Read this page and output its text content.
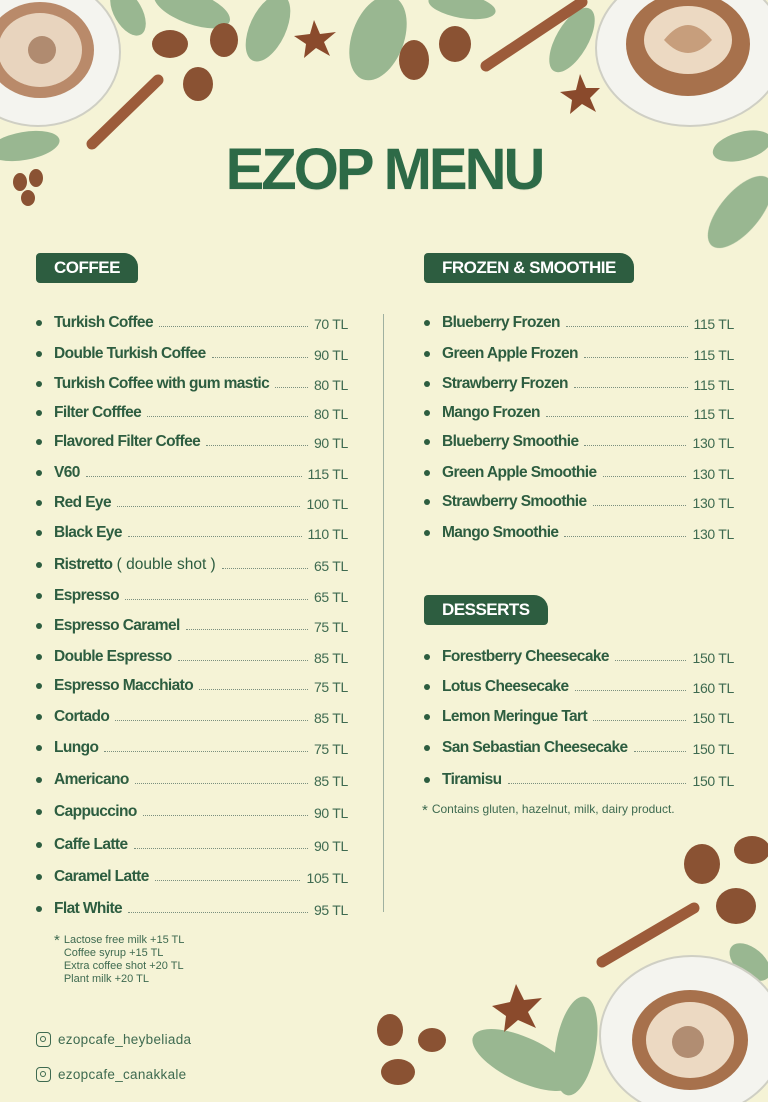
EZOP MENU
COFFEE	FROZEN & SMOOTHIE
DESSERTS
Turkish Coffee	70 TL
Double Turkish Coffee	90 TL
Turkish Coffee with gum mastic	80 TL
Filter Cofffee	80 TL
Flavored Filter Coffee	90 TL
V60	115 TL
Red Eye	100 TL
Black Eye	110 TL
Ristretto ( double shot )	65 TL
Espresso	65 TL
Espresso Caramel	75 TL
Double Espresso	85 TL
Espresso Macchiato	75 TL
Cortado	85 TL
Lungo	75 TL
Americano	85 TL
Cappuccino	90 TL
Caffe Latte	90 TL
Caramel Latte	105 TL
Flat White	95 TL
Blueberry Frozen	115 TL
Green Apple Frozen	115 TL
Strawberry Frozen	115 TL
Mango Frozen	115 TL
Blueberry Smoothie	130 TL
Green Apple Smoothie	130 TL
Strawberry Smoothie	130 TL
Mango Smoothie	130 TL
Forestberry Cheesecake	150 TL
Lotus Cheesecake	160 TL
Lemon Meringue Tart	150 TL
San Sebastian Cheesecake	150 TL
Tiramisu	150 TL
* Lactose free milk +15 TL
Coffee syrup +15 TL
Extra coffee shot +20 TL
Plant milk +20 TL
* Contains gluten, hazelnut, milk, dairy product.
ezopcafe_heybeliada
ezopcafe_canakkale
